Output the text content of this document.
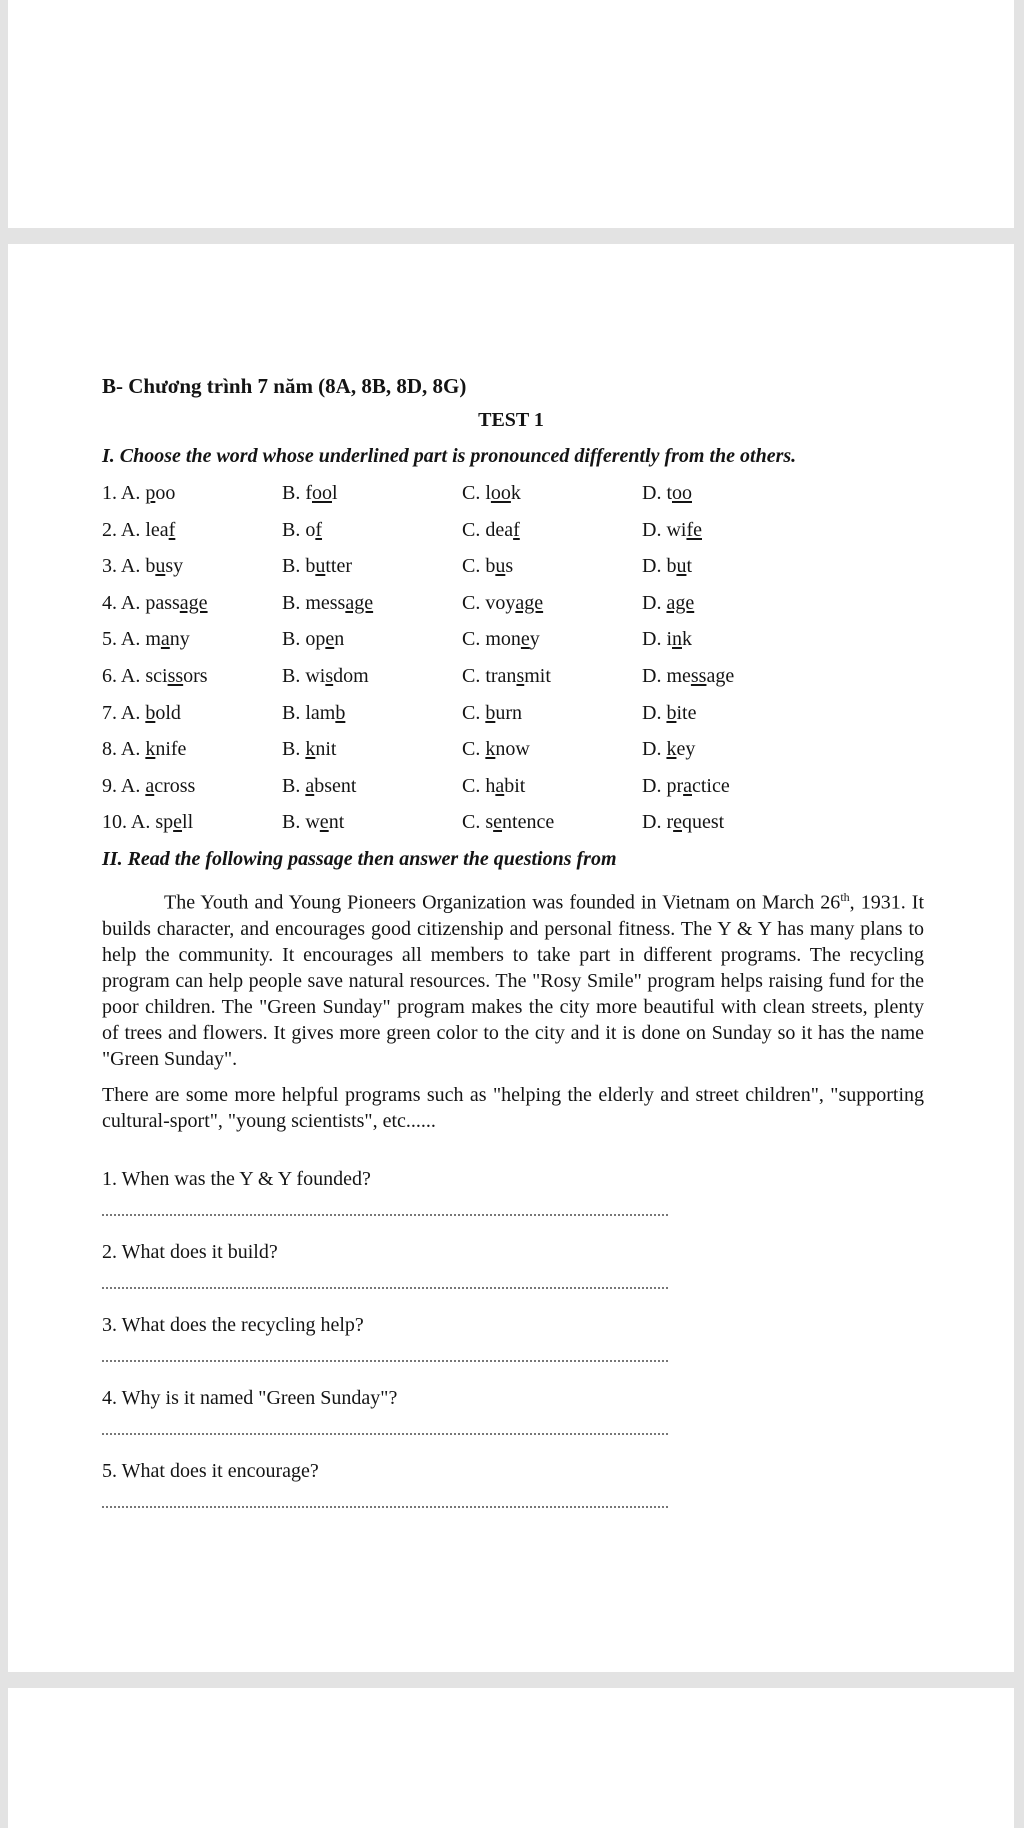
B- Chương trình 7 năm (8A, 8B, 8D, 8G)
TEST 1
I. Choose the word whose underlined part is pronounced differently from the others.
1. A. poo	B. fool	C. look	D. too
2. A. leaf	B. of	C. deaf	D. wife
3. A. busy	B. butter	C. bus	D. but
4. A. passage	B. message	C. voyage	D. age
5. A. many	B. open	C. money	D. ink
6. A. scissors	B. wisdom	C. transmit	D. message
7. A. bold	B. lamb	C. burn	D. bite
8. A. knife	B. knit	C. know	D. key
9. A. across	B. absent	C. habit	D. practice
10. A. spell	B. went	C. sentence	D. request
II. Read the following passage then answer the questions from

The Youth and Young Pioneers Organization was founded in Vietnam on March 26th, 1931. It builds character, and encourages good citizenship and personal fitness. The Y & Y has many plans to help the community. It encourages all members to take part in different programs. The recycling program can help people save natural resources. The "Rosy Smile" program helps raising fund for the poor children. The "Green Sunday" program makes the city more beautiful with clean streets, plenty of trees and flowers. It gives more green color to the city and it is done on Sunday so it has the name "Green Sunday".

There are some more helpful programs such as "helping the elderly and street children", "supporting cultural-sport", "young scientists", etc......

1. When was the Y & Y founded?
2. What does it build?
3. What does the recycling help?
4. Why is it named "Green Sunday"?
5. What does it encourage?
